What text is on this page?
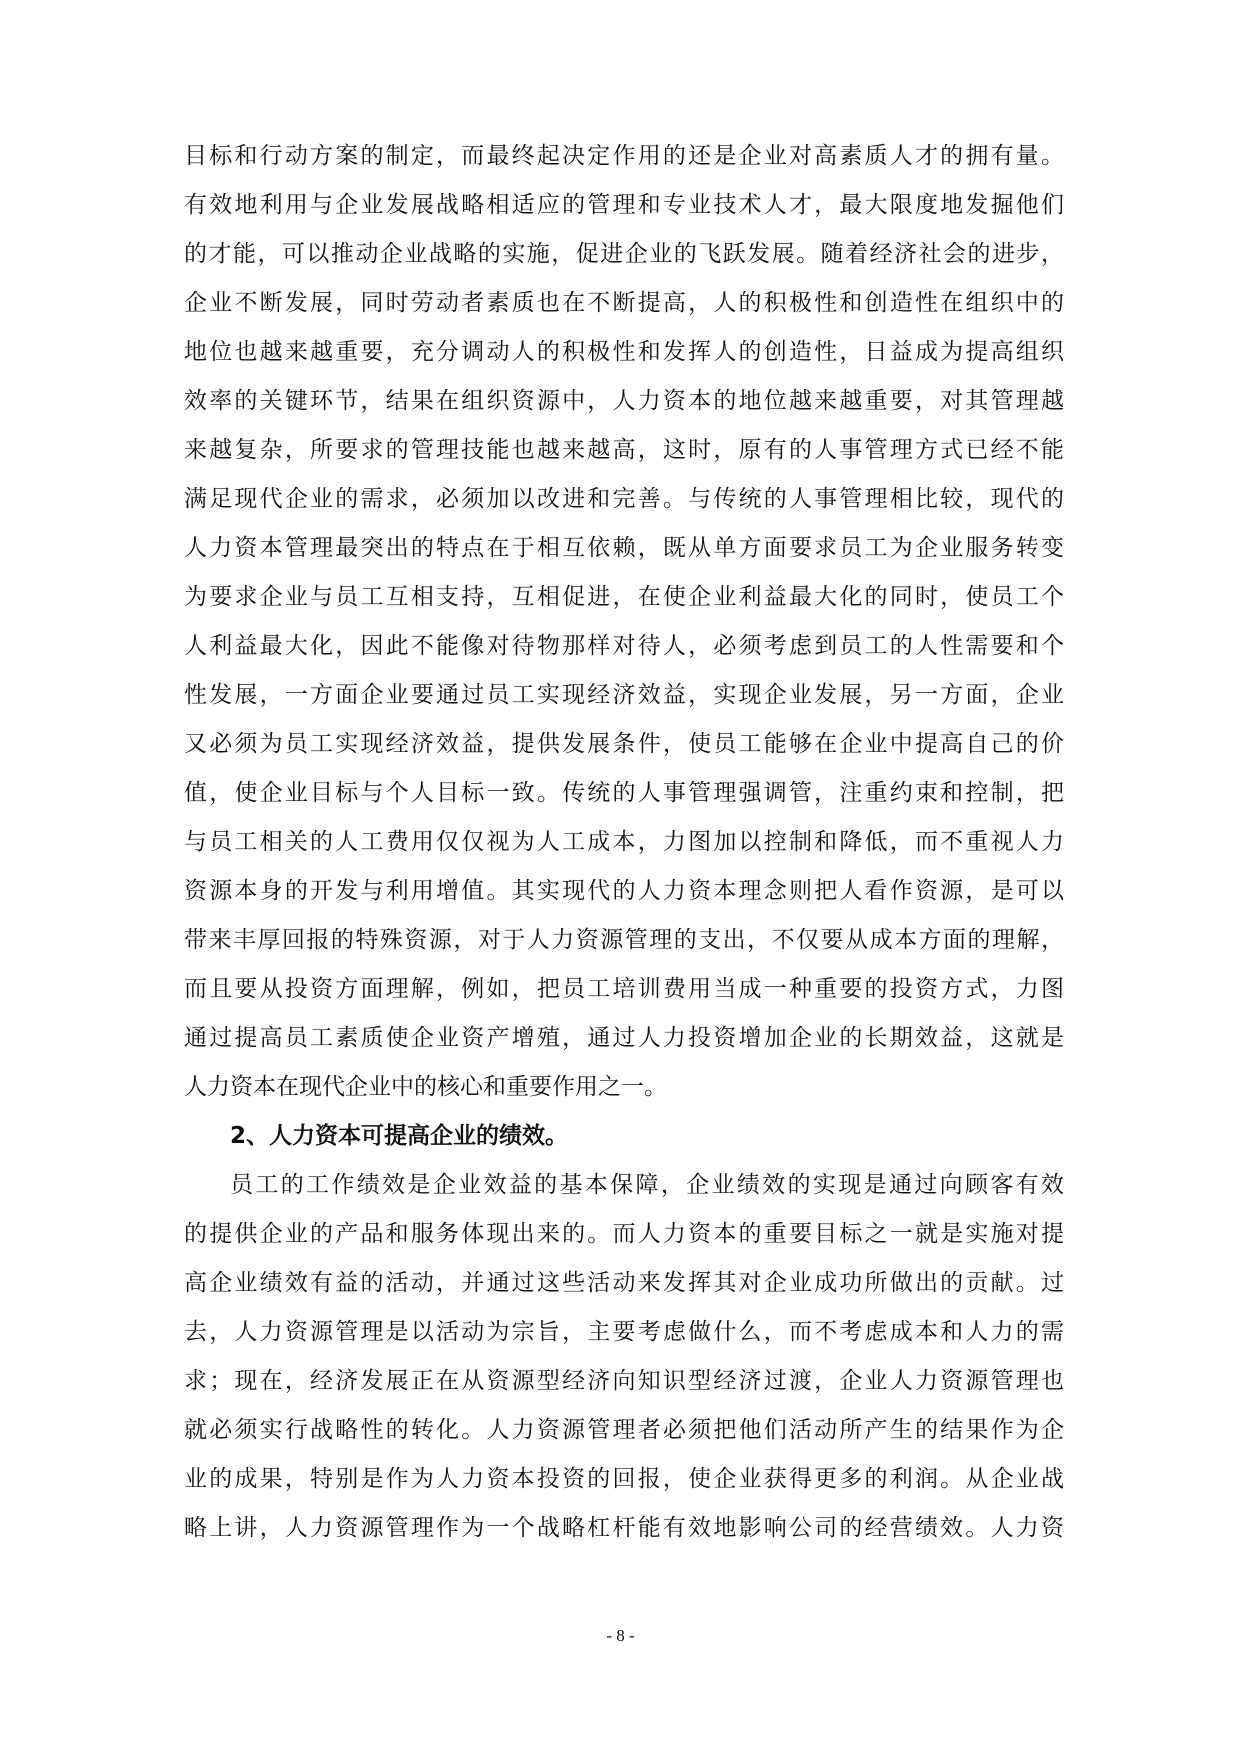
目标和行动方案的制定，而最终起决定作用的还是企业对高素质人才的拥有量。
有效地利用与企业发展战略相适应的管理和专业技术人才，最大限度地发掘他们
的才能，可以推动企业战略的实施，促进企业的飞跃发展。随着经济社会的进步，
企业不断发展，同时劳动者素质也在不断提高，人的积极性和创造性在组织中的
地位也越来越重要，充分调动人的积极性和发挥人的创造性，日益成为提高组织
效率的关键环节，结果在组织资源中，人力资本的地位越来越重要，对其管理越
来越复杂，所要求的管理技能也越来越高，这时，原有的人事管理方式已经不能
满足现代企业的需求，必须加以改进和完善。与传统的人事管理相比较，现代的
人力资本管理最突出的特点在于相互依赖，既从单方面要求员工为企业服务转变
为要求企业与员工互相支持，互相促进，在使企业利益最大化的同时，使员工个
人利益最大化，因此不能像对待物那样对待人，必须考虑到员工的人性需要和个
性发展，一方面企业要通过员工实现经济效益，实现企业发展，另一方面，企业
又必须为员工实现经济效益，提供发展条件，使员工能够在企业中提高自己的价
值，使企业目标与个人目标一致。传统的人事管理强调管，注重约束和控制，把
与员工相关的人工费用仅仅视为人工成本，力图加以控制和降低，而不重视人力
资源本身的开发与利用增值。其实现代的人力资本理念则把人看作资源，是可以
带来丰厚回报的特殊资源，对于人力资源管理的支出，不仅要从成本方面的理解，
而且要从投资方面理解，例如，把员工培训费用当成一种重要的投资方式，力图
通过提高员工素质使企业资产增殖，通过人力投资增加企业的长期效益，这就是
人力资本在现代企业中的核心和重要作用之一。
2、人力资本可提高企业的绩效。
员工的工作绩效是企业效益的基本保障，企业绩效的实现是通过向顾客有效
的提供企业的产品和服务体现出来的。而人力资本的重要目标之一就是实施对提
高企业绩效有益的活动，并通过这些活动来发挥其对企业成功所做出的贡献。过
去，人力资源管理是以活动为宗旨，主要考虑做什么，而不考虑成本和人力的需
求；现在，经济发展正在从资源型经济向知识型经济过渡，企业人力资源管理也
就必须实行战略性的转化。人力资源管理者必须把他们活动所产生的结果作为企
业的成果，特别是作为人力资本投资的回报，使企业获得更多的利润。从企业战
略上讲，人力资源管理作为一个战略杠杆能有效地影响公司的经营绩效。人力资
- 8 -
